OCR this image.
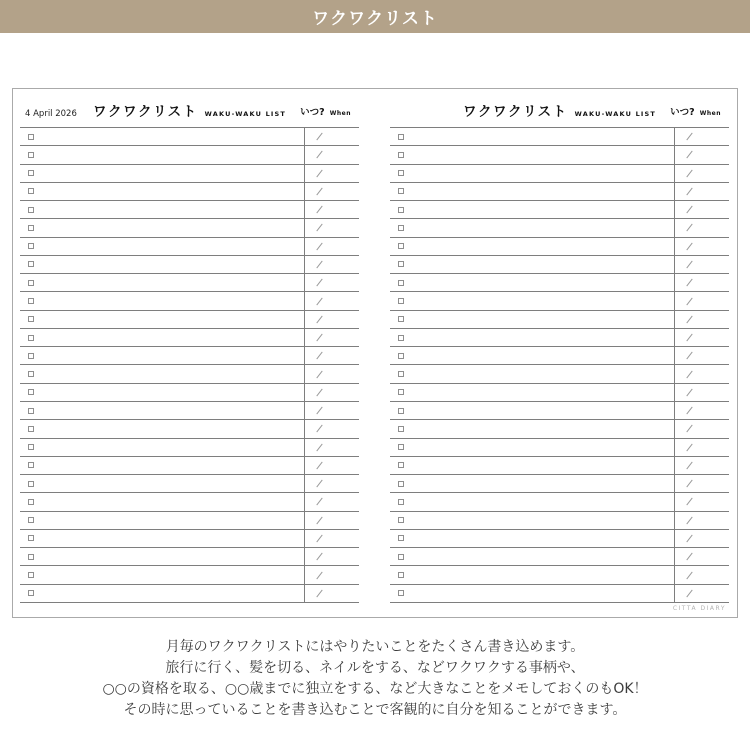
ワクワクリスト
4 April 2026 ワクワクリスト WAKU-WAKU LIST いつ? When	ワクワクリスト WAKU-WAKU LIST いつ? When
CITTA DIARY
月毎のワクワクリストにはやりたいことをたくさん書き込めます。
旅行に行く、髪を切る、ネイルをする、などワクワクする事柄や、
○○の資格を取る、○○歳までに独立をする、など大きなことをメモしておくのもOK！
その時に思っていることを書き込むことで客観的に自分を知ることができます。
